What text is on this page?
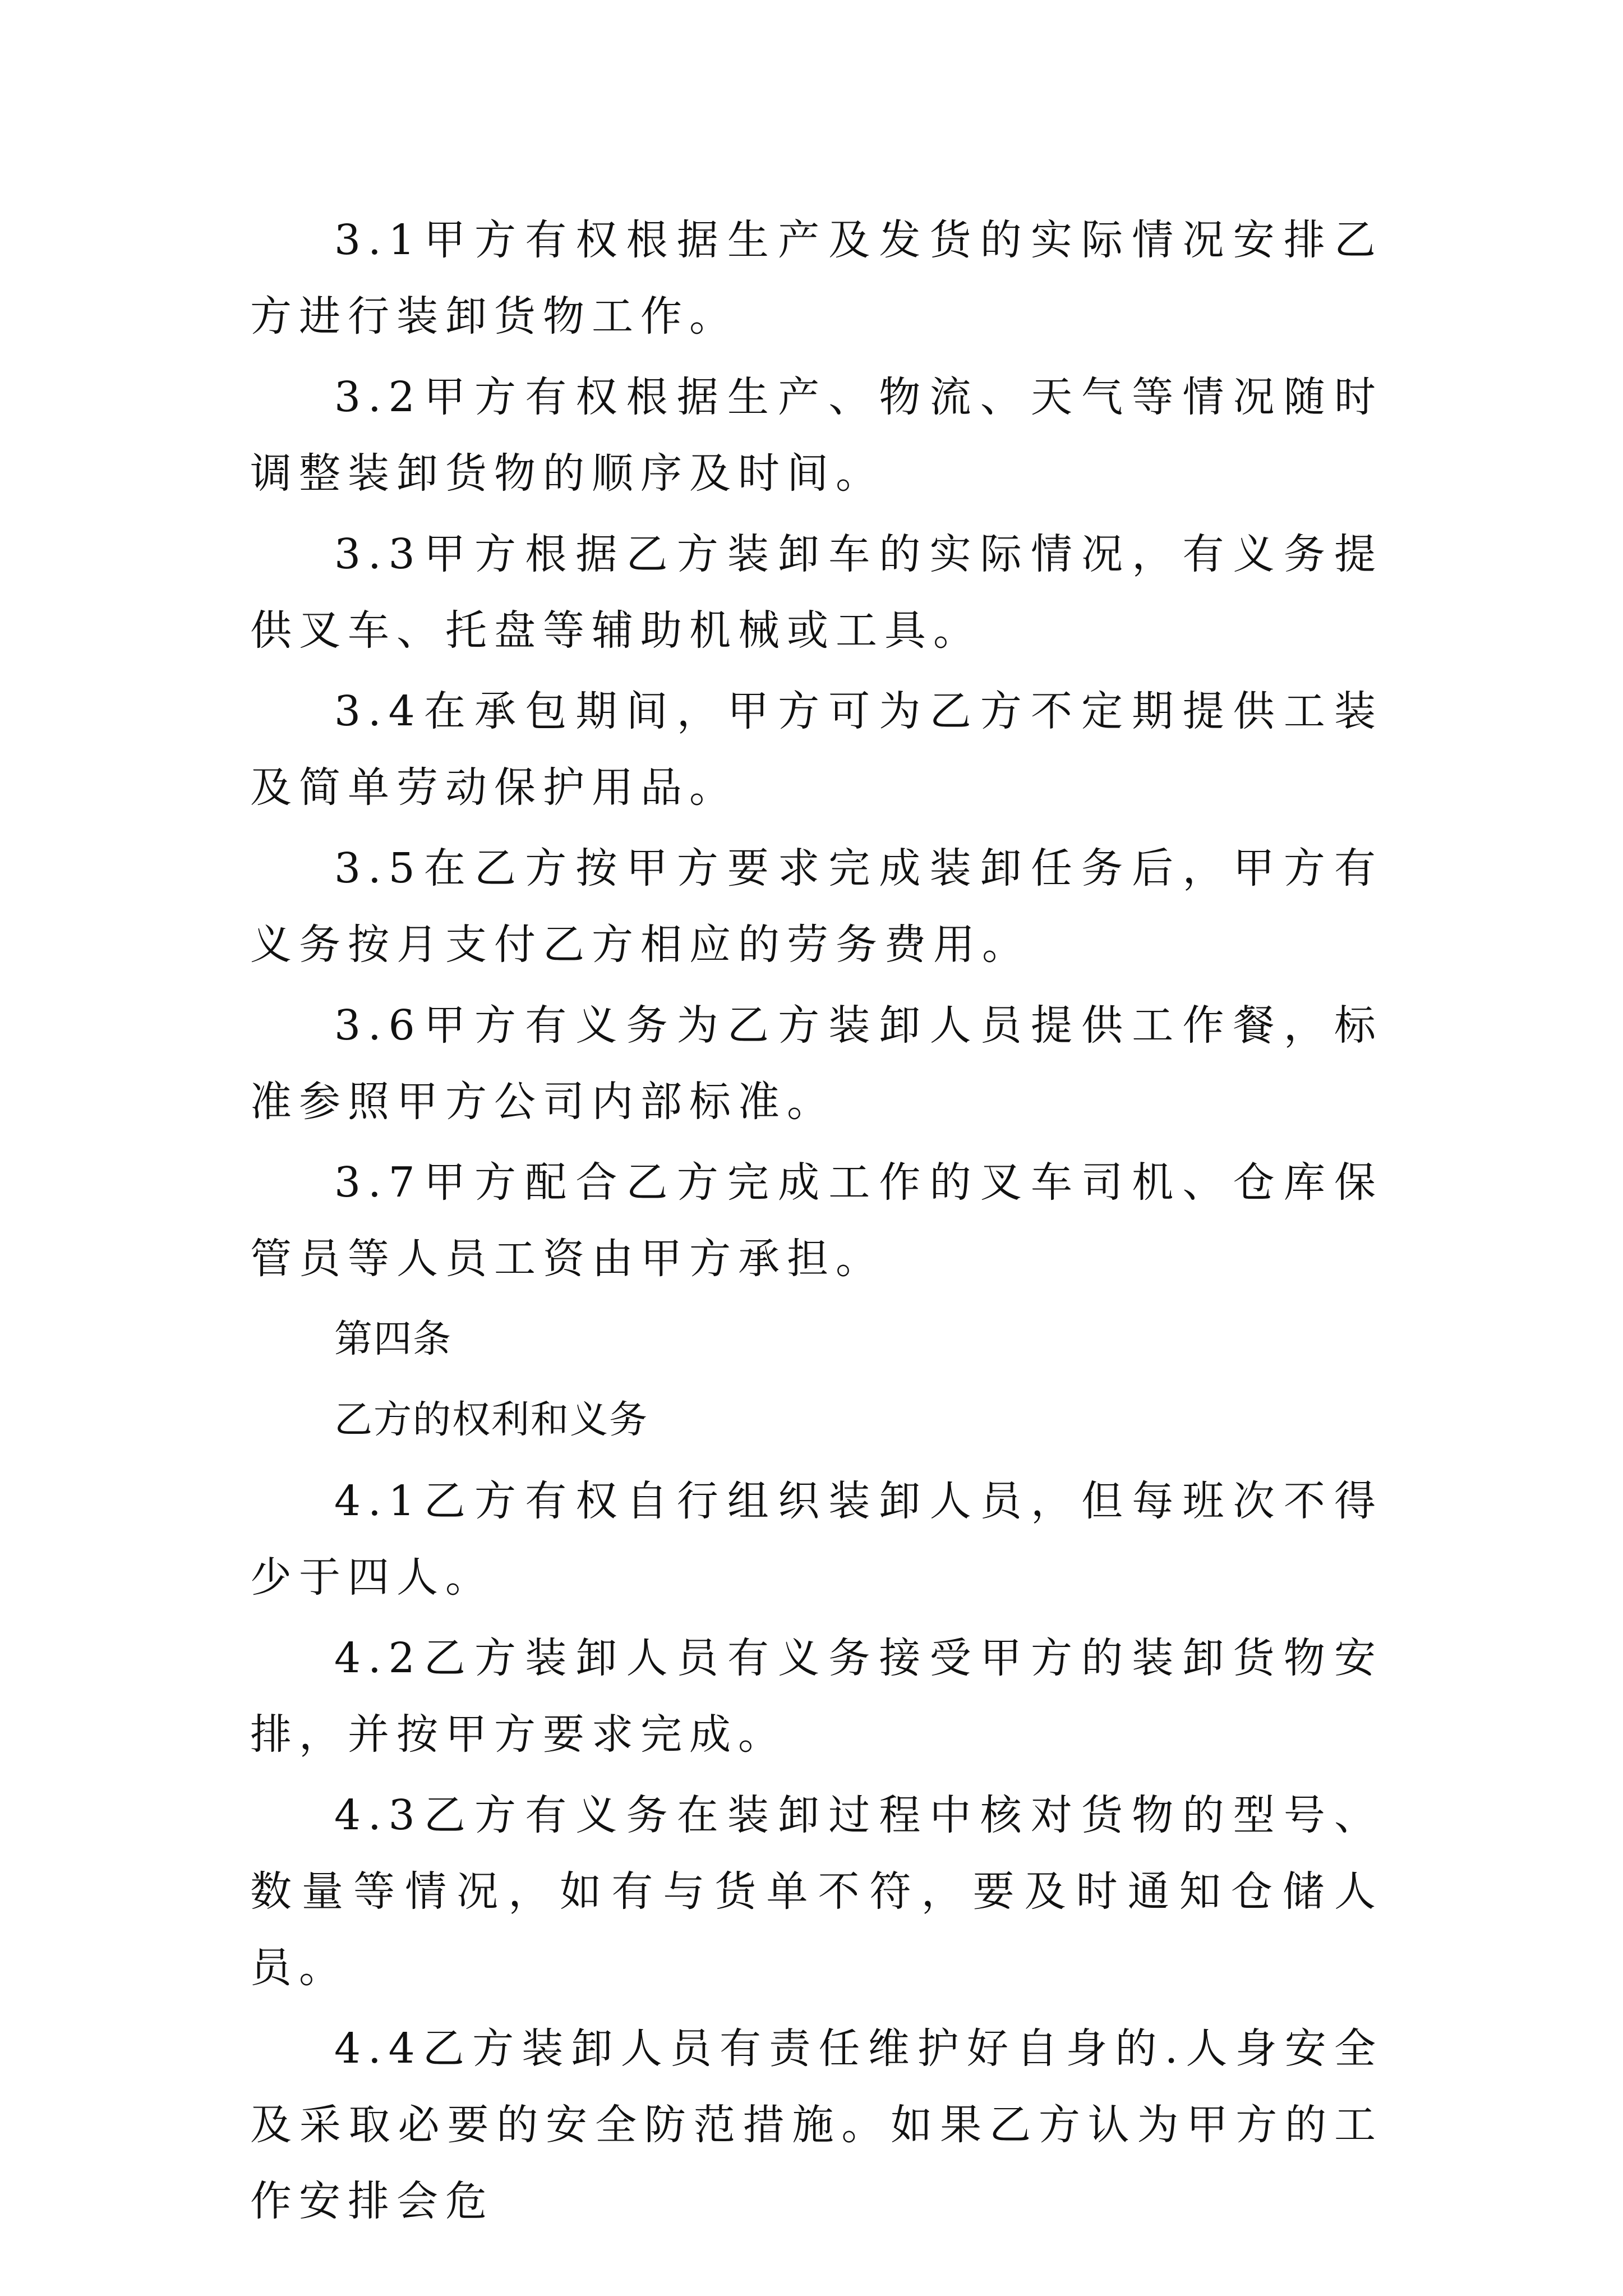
3.1甲方有权根据生产及发货的实际情况安排乙方进行装卸货物工作。

3.2甲方有权根据生产、物流、天气等情况随时调整装卸货物的顺序及时间。

3.3甲方根据乙方装卸车的实际情况，有义务提供叉车、托盘等辅助机械或工具。

3.4在承包期间，甲方可为乙方不定期提供工装及简单劳动保护用品。

3.5在乙方按甲方要求完成装卸任务后，甲方有义务按月支付乙方相应的劳务费用。

3.6甲方有义务为乙方装卸人员提供工作餐，标准参照甲方公司内部标准。

3.7甲方配合乙方完成工作的叉车司机、仓库保管员等人员工资由甲方承担。

第四条

乙方的权利和义务

4.1乙方有权自行组织装卸人员，但每班次不得少于四人。

4.2乙方装卸人员有义务接受甲方的装卸货物安排，并按甲方要求完成。

4.3乙方有义务在装卸过程中核对货物的型号、数量等情况，如有与货单不符，要及时通知仓储人员。

4.4乙方装卸人员有责任维护好自身的.人身安全及采取必要的安全防范措施。如果乙方认为甲方的工作安排会危
